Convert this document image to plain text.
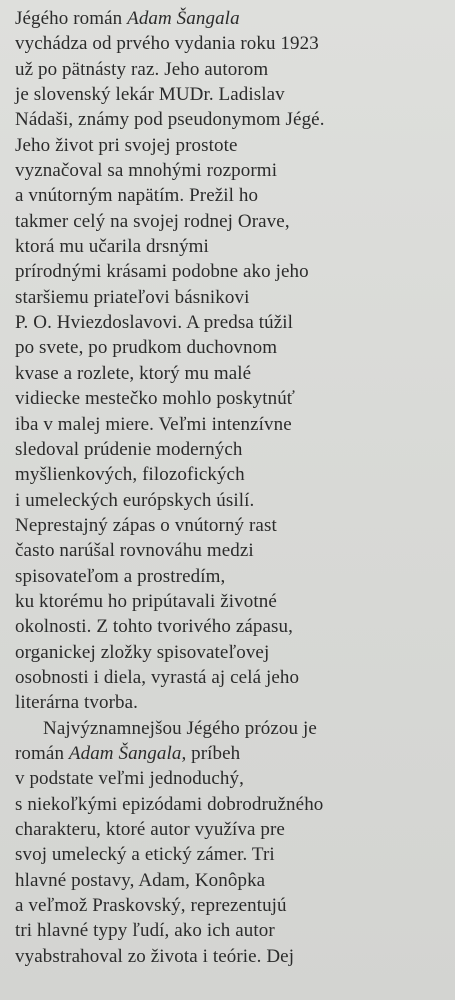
Jégého román Adam Šangala
vychádza od prvého vydania roku 1923
už po pätnásty raz. Jeho autorom
je slovenský lekár MUDr. Ladislav
Nádaši, známy pod pseudonymom Jégé.
Jeho život pri svojej prostote
vyznačoval sa mnohými rozpormi
a vnútorným napätím. Prežil ho
takmer celý na svojej rodnej Orave,
ktorá mu učarila drsnými
prírodnými krásami podobne ako jeho
staršiemu priateľovi básnikovi
P. O. Hviezdoslavovi. A predsa túžil
po svete, po prudkom duchovnom
kvase a rozlete, ktorý mu malé
vidiecke mestečko mohlo poskytnúť
iba v malej miere. Veľmi intenzívne
sledoval prúdenie moderných
myšlienkových, filozofických
i umeleckých európskych úsilí.
Neprestajný zápas o vnútorný rast
často narúšal rovnováhu medzi
spisovateľom a prostredím,
ku ktorému ho pripútavali životné
okolnosti. Z tohto tvorivého zápasu,
organickej zložky spisovateľovej
osobnosti i diela, vyrastá aj celá jeho
literárna tvorba.
Najvýznamnejšou Jégého prózou je
román Adam Šangala, príbeh
v podstate veľmi jednoduchý,
s niekoľkými epizódami dobrodružného
charakteru, ktoré autor využíva pre
svoj umelecký a etický zámer. Tri
hlavné postavy, Adam, Konôpka
a veľmož Praskovský, reprezentujú
tri hlavné typy ľudí, ako ich autor
vyabstrahoval zo života i teórie. Dej
